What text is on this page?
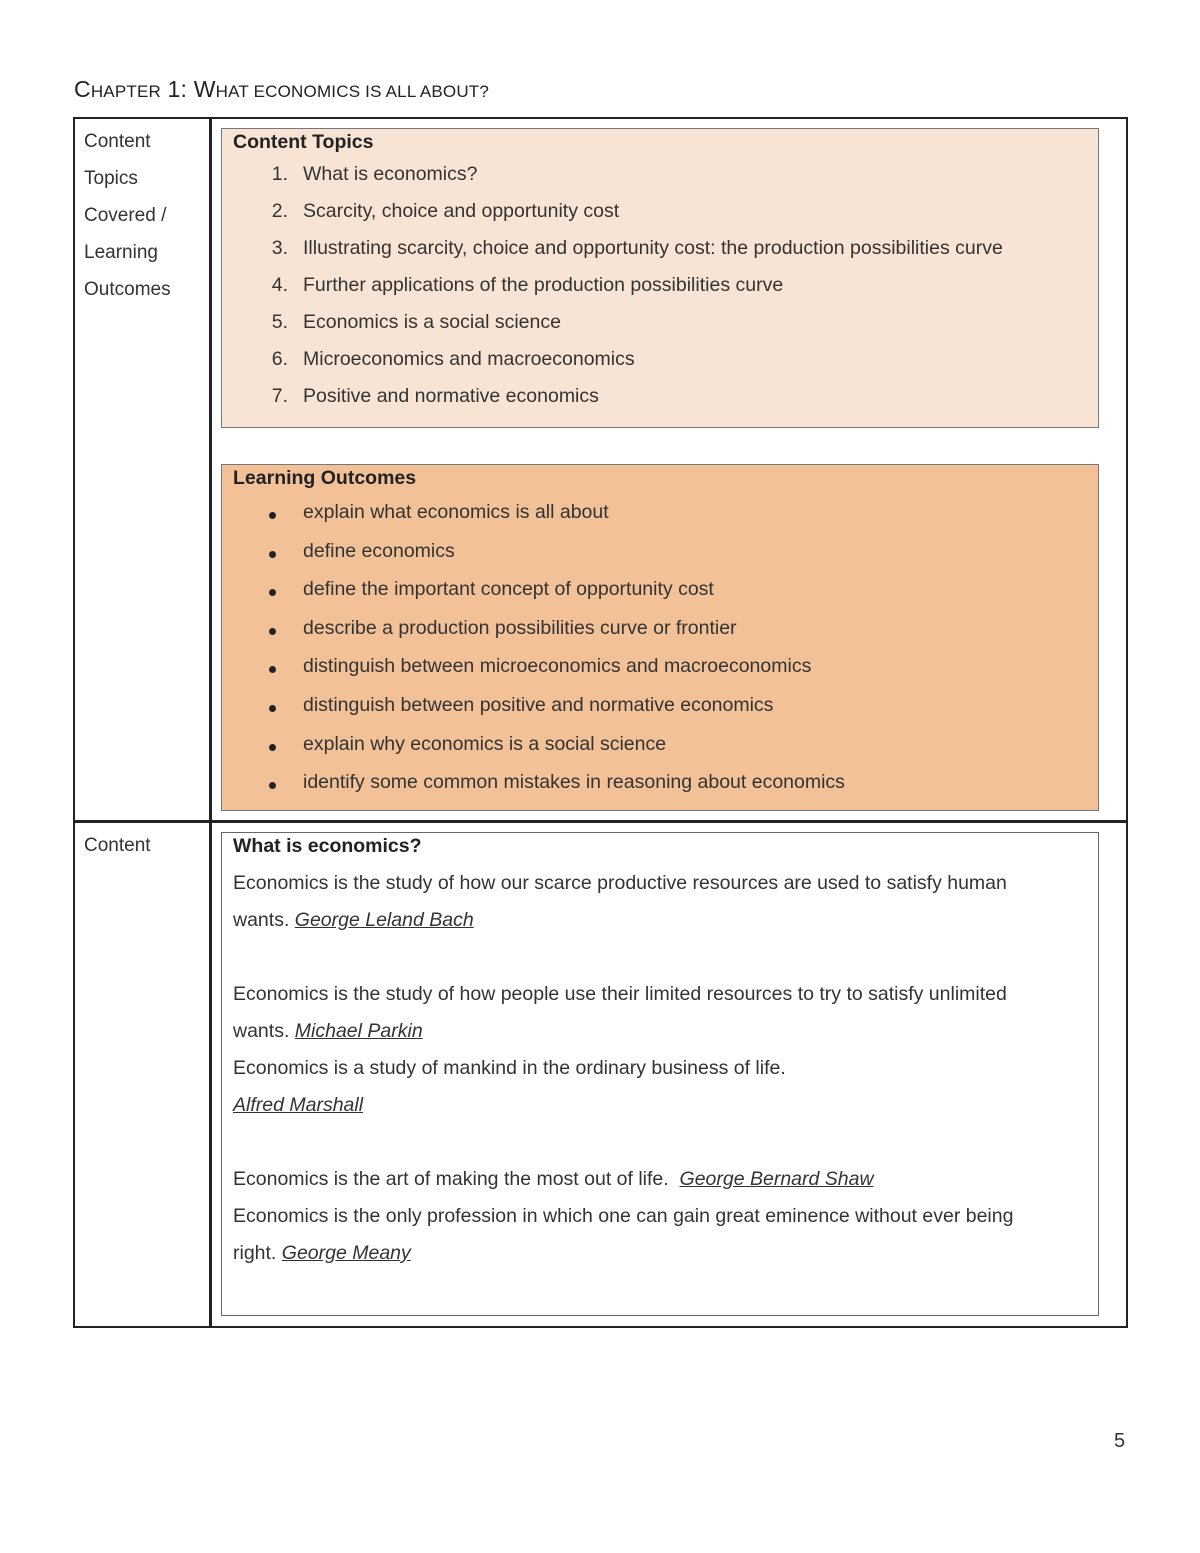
CHAPTER 1: WHAT ECONOMICS IS ALL ABOUT?
Content
Topics
Covered /
Learning
Outcomes
Content
Content Topics
1. What is economics?
2. Scarcity, choice and opportunity cost
3. Illustrating scarcity, choice and opportunity cost: the production possibilities curve
4. Further applications of the production possibilities curve
5. Economics is a social science
6. Microeconomics and macroeconomics
7. Positive and normative economics
Learning Outcomes
explain what economics is all about
define economics
define the important concept of opportunity cost
describe a production possibilities curve or frontier
distinguish between microeconomics and macroeconomics
distinguish between positive and normative economics
explain why economics is a social science
identify some common mistakes in reasoning about economics
What is economics?
Economics is the study of how our scarce productive resources are used to satisfy human
wants. George Leland Bach
Economics is the study of how people use their limited resources to try to satisfy unlimited
wants. Michael Parkin
Economics is a study of mankind in the ordinary business of life.
Alfred Marshall
Economics is the art of making the most out of life.  George Bernard Shaw
Economics is the only profession in which one can gain great eminence without ever being
right. George Meany
5
